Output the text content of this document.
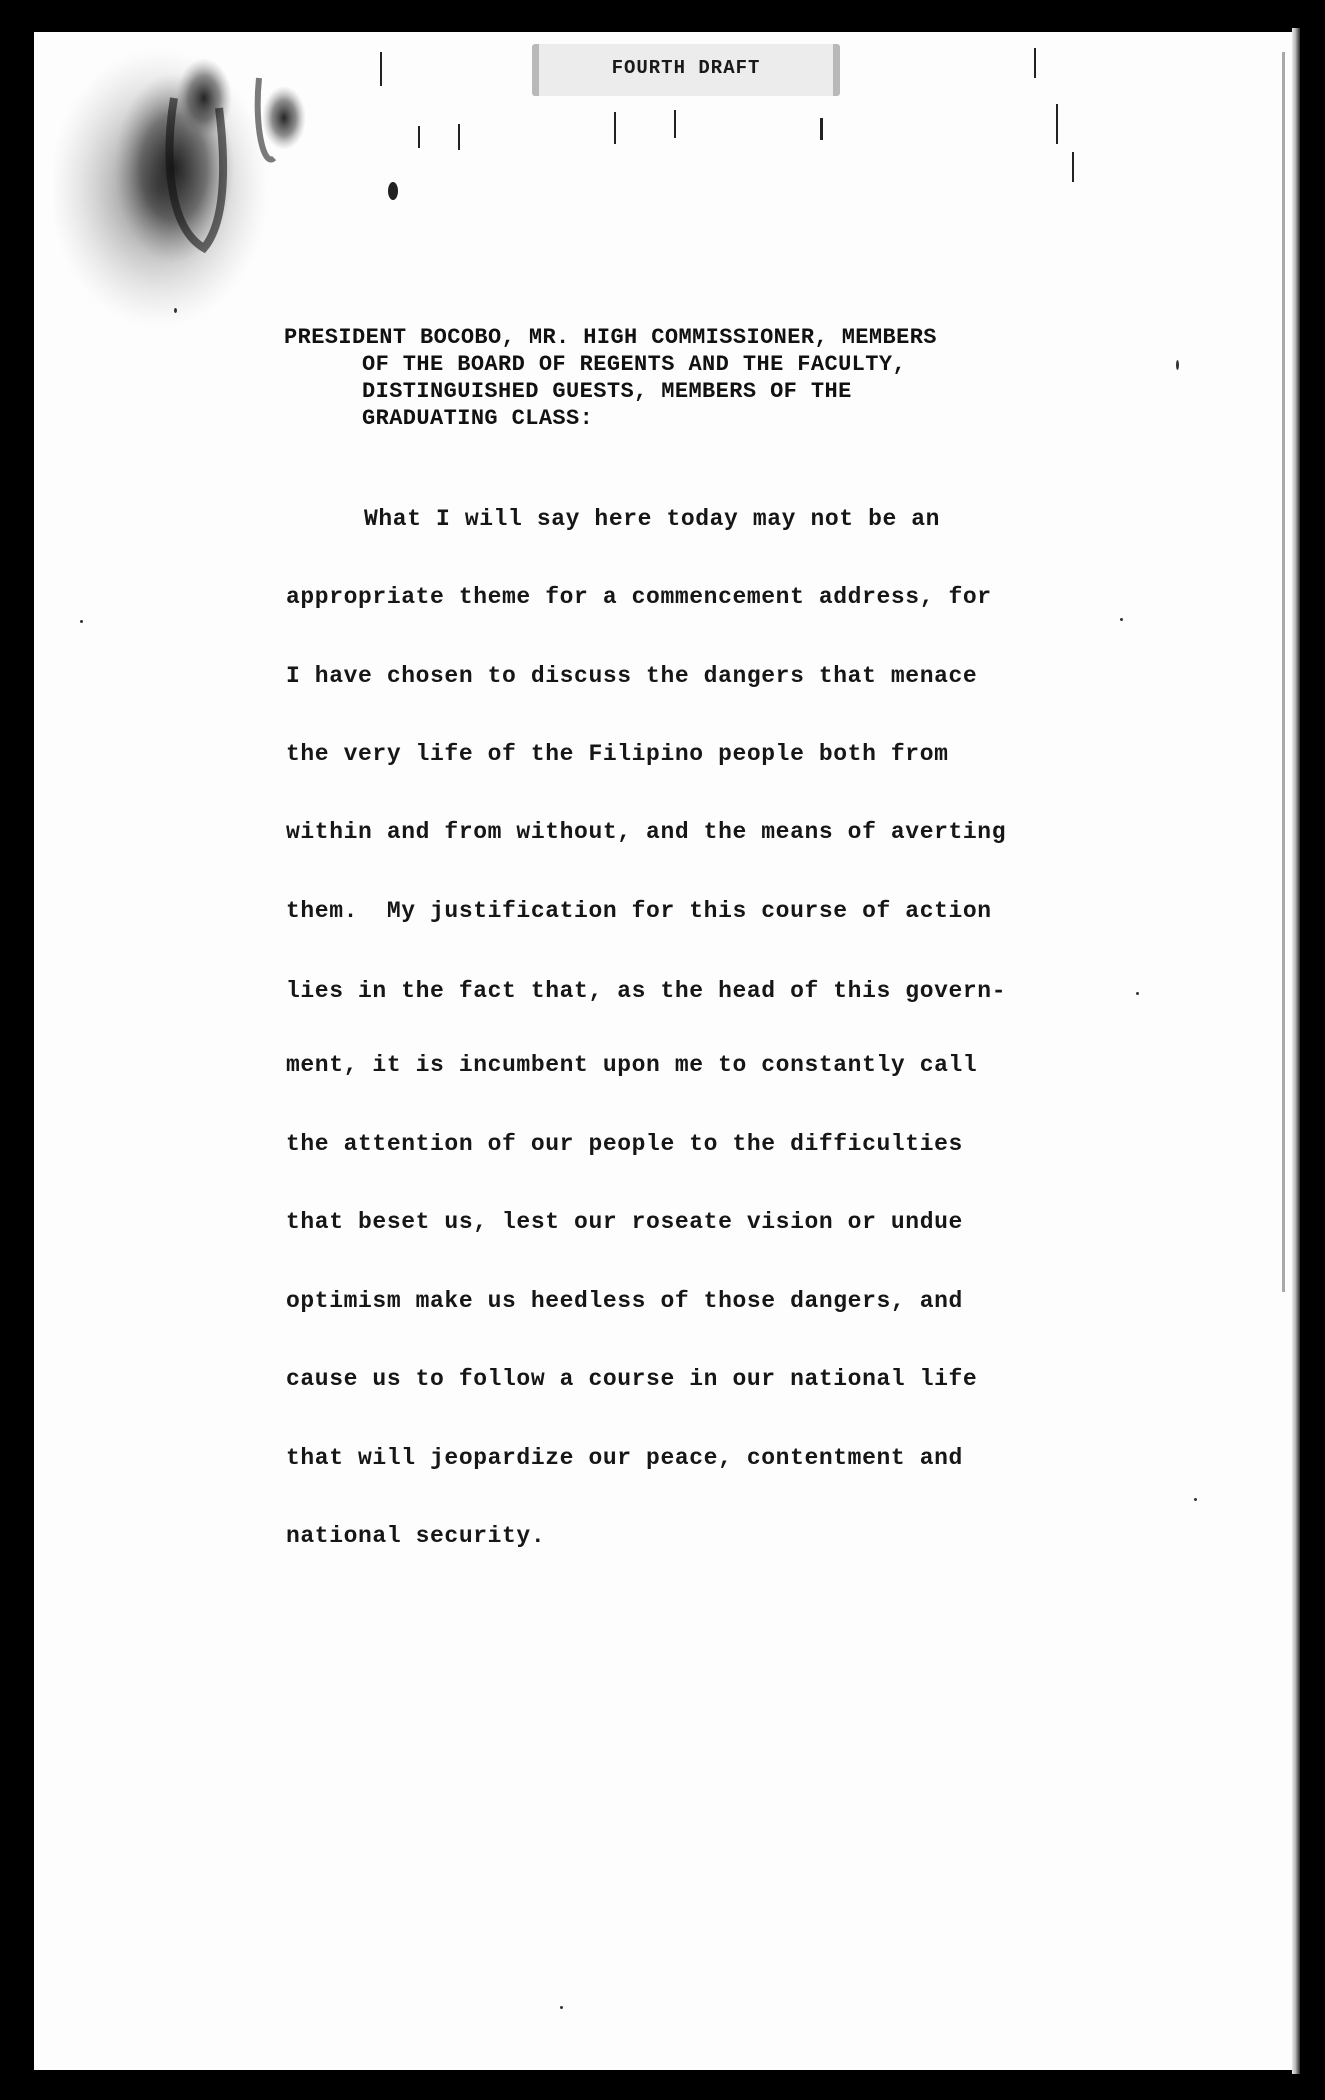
FOURTH DRAFT
PRESIDENT BOCOBO, MR. HIGH COMMISSIONER, MEMBERS
OF THE BOARD OF REGENTS AND THE FACULTY,
DISTINGUISHED GUESTS, MEMBERS OF THE
GRADUATING CLASS:
What I will say here today may not be an
appropriate theme for a commencement address, for
I have chosen to discuss the dangers that menace
the very life of the Filipino people both from
within and from without, and the means of averting
them.  My justification for this course of action
lies in the fact that, as the head of this govern-
ment, it is incumbent upon me to constantly call
the attention of our people to the difficulties
that beset us, lest our roseate vision or undue
optimism make us heedless of those dangers, and
cause us to follow a course in our national life
that will jeopardize our peace, contentment and
national security.
